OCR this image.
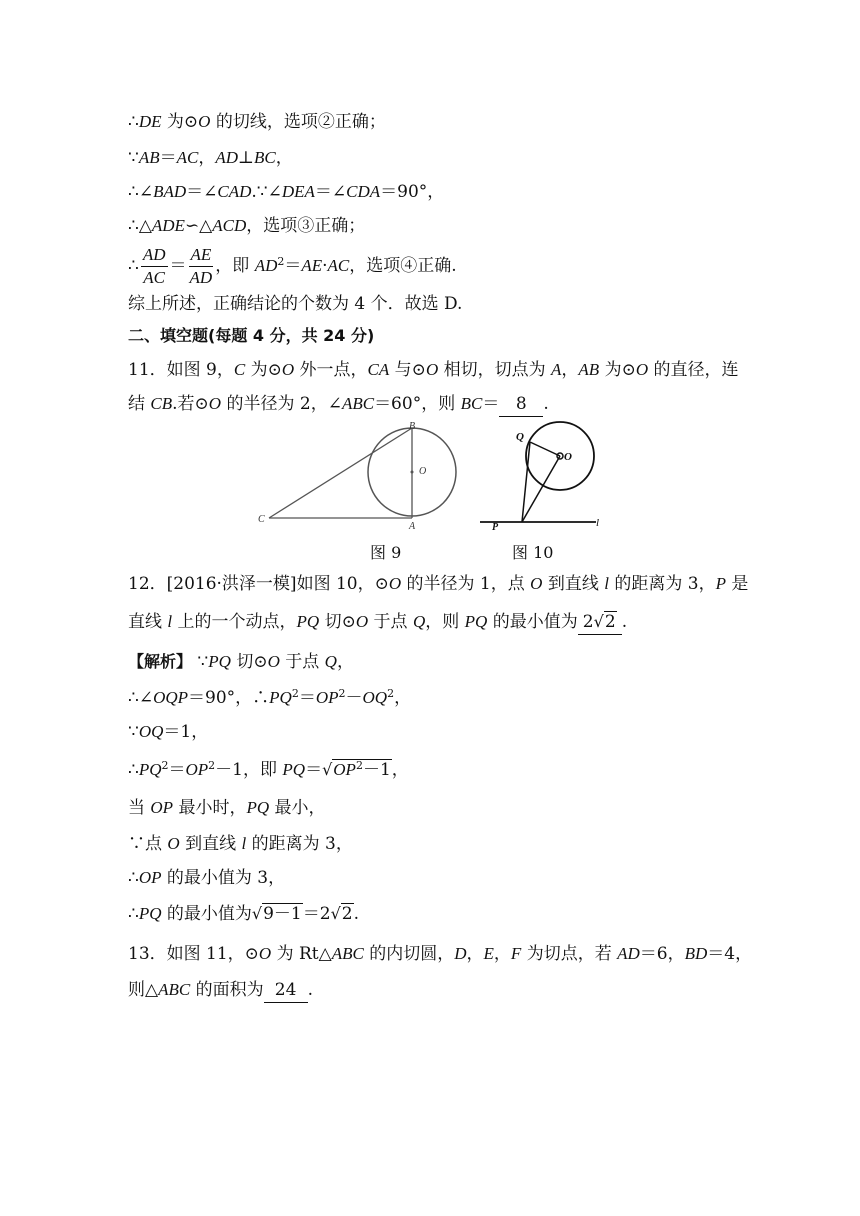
∴DE 为⊙O 的切线，选项②正确；
∵AB＝AC，AD⊥BC，
∴∠BAD＝∠CAD.∵∠DEA＝∠CDA＝90°，
∴△ADE∽△ACD，选项③正确；
∴ $\frac{AD}{AC} = \frac{AE}{AD}$ ，即 $AD^2=AE\cdot AC$，选项④正确.
综上所述，正确结论的个数为 4 个．故选 D.
二、填空题(每题 4 分，共 24 分)
11．如图 9，C 为⊙O 外一点，CA 与⊙O 相切，切点为 A，AB 为⊙O 的直径，连
结 CB.若⊙O 的半径为 2，∠ABC＝60°，则 BC＝ 8 .
B
O
C
A
Q
O
P	l
图 9	图 10
12．[2016·洪泽一模]如图 10，⊙O 的半径为 1，点 O 到直线 l 的距离为 3，P 是
直线 l 上的一个动点，PQ 切⊙O 于点 Q，则 PQ 的最小值为 2√2 .
【解析】 ∵PQ 切⊙O 于点 Q，
∴∠OQP＝90°，$\therefore PQ^2=OP^2-OQ^2$，
∵OQ＝1，
$\therefore PQ^2=OP^2-1$，即 $PQ=√OP^2-1$，
当 OP 最小时，PQ 最小，
∵点 O 到直线 l 的距离为 3，
∴OP 的最小值为 3，
∴PQ 的最小值为√9－1＝2√2.
13．如图 11，⊙O 为 Rt△ABC 的内切圆，D，E，F 为切点，若 AD＝6，BD＝4，
则△ABC 的面积为 24 .
